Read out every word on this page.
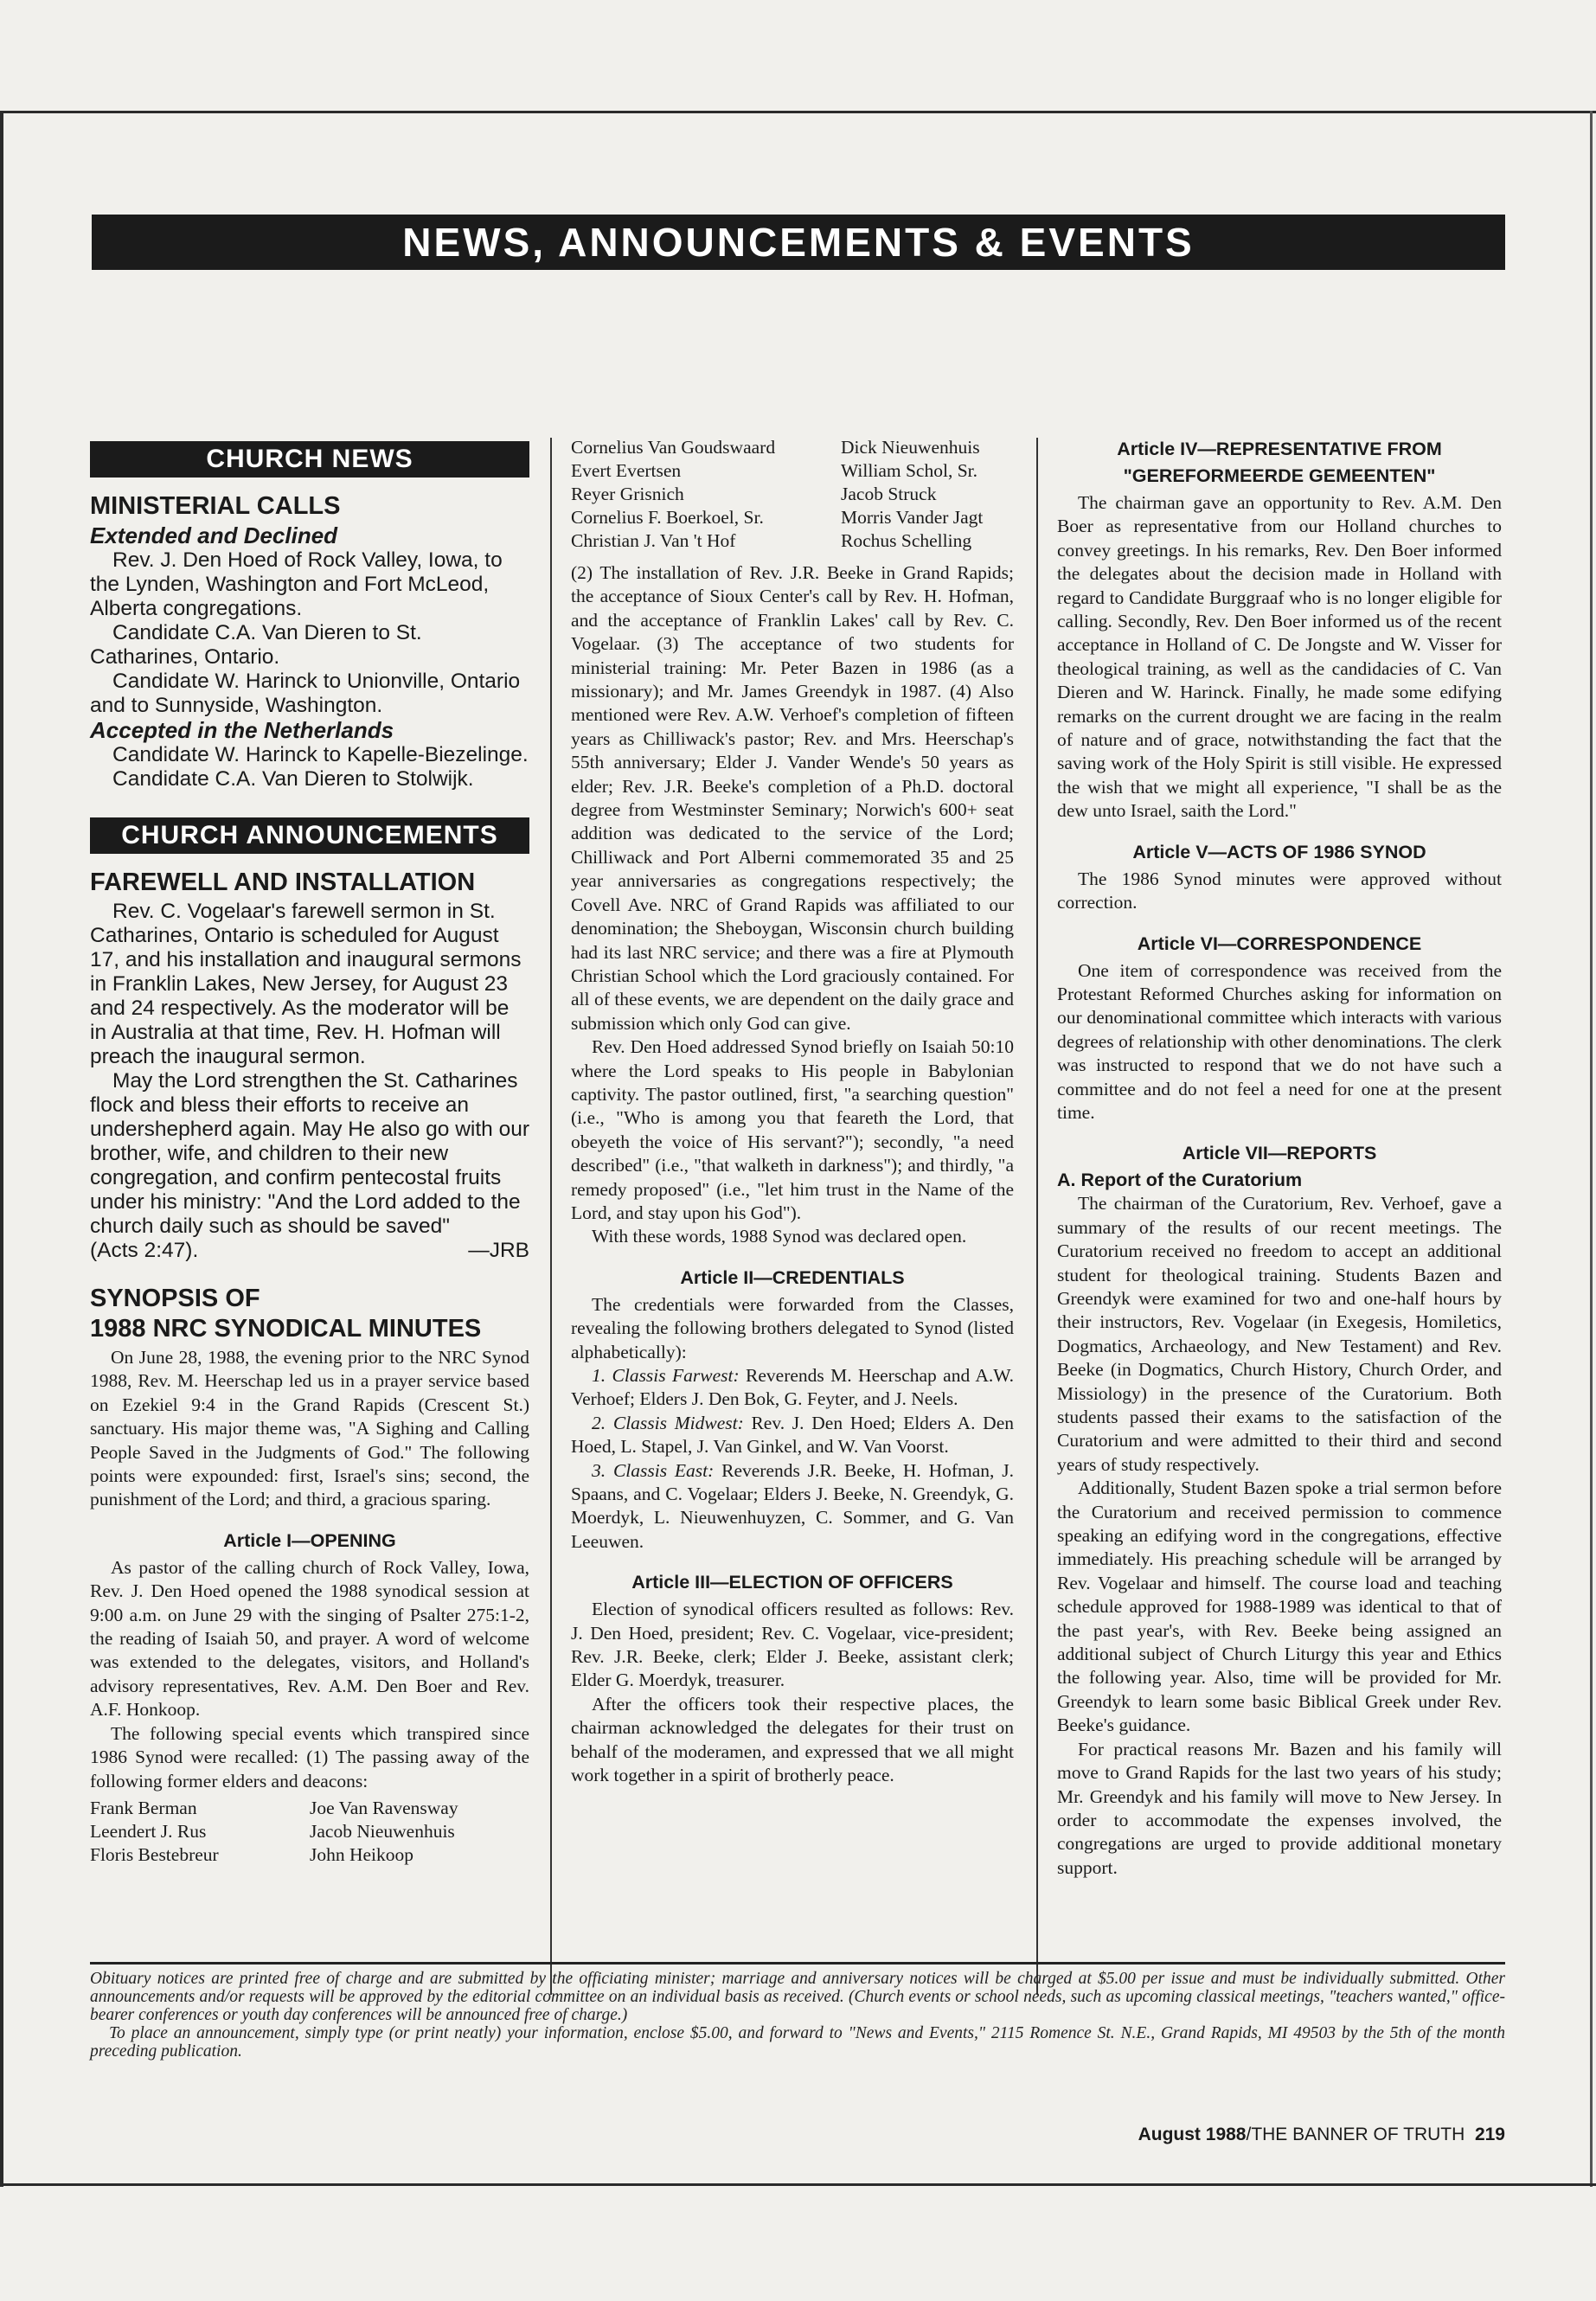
NEWS, ANNOUNCEMENTS & EVENTS
CHURCH NEWS
MINISTERIAL CALLS
Extended and Declined

Rev. J. Den Hoed of Rock Valley, Iowa, to the Lynden, Washington and Fort McLeod, Alberta congregations.

Candidate C.A. Van Dieren to St. Catharines, Ontario.

Candidate W. Harinck to Unionville, Ontario and to Sunnyside, Washington.

Accepted in the Netherlands

Candidate W. Harinck to Kapelle-Biezelinge.

Candidate C.A. Van Dieren to Stolwijk.

CHURCH ANNOUNCEMENTS
FAREWELL AND INSTALLATION

Rev. C. Vogelaar's farewell sermon in St. Catharines, Ontario is scheduled for August 17, and his installation and inaugural sermons in Franklin Lakes, New Jersey, for August 23 and 24 respectively. As the moderator will be in Australia at that time, Rev. H. Hofman will preach the inaugural sermon.

May the Lord strengthen the St. Catharines flock and bless their efforts to receive an undershepherd again. May He also go with our brother, wife, and children to their new congregation, and confirm pentecostal fruits under his ministry: "And the Lord added to the church daily such as should be saved"

(Acts 2:47).	—JRB
SYNOPSIS OF
1988 NRC SYNODICAL MINUTES

On June 28, 1988, the evening prior to the NRC Synod 1988, Rev. M. Heerschap led us in a prayer service based on Ezekiel 9:4 in the Grand Rapids (Crescent St.) sanctuary. His major theme was, "A Sighing and Calling People Saved in the Judgments of God." The following points were expounded: first, Israel's sins; second, the punishment of the Lord; and third, a gracious sparing.

Article I—OPENING

As pastor of the calling church of Rock Valley, Iowa, Rev. J. Den Hoed opened the 1988 synodical session at 9:00 a.m. on June 29 with the singing of Psalter 275:1-2, the reading of Isaiah 50, and prayer. A word of welcome was extended to the delegates, visitors, and Holland's advisory representatives, Rev. A.M. Den Boer and Rev. A.F. Honkoop.

The following special events which transpired since 1986 Synod were recalled: (1) The passing away of the following former elders and deacons:

Frank Berman	Joe Van Ravensway
Leendert J. Rus	Jacob Nieuwenhuis
Floris Bestebreur	John Heikoop
Cornelius Van Goudswaard	Dick Nieuwenhuis
Evert Evertsen	William Schol, Sr.
Reyer Grisnich	Jacob Struck
Cornelius F. Boerkoel, Sr.	Morris Vander Jagt
Christian J. Van 't Hof	Rochus Schelling

(2) The installation of Rev. J.R. Beeke in Grand Rapids; the acceptance of Sioux Center's call by Rev. H. Hofman, and the acceptance of Franklin Lakes' call by Rev. C. Vogelaar. (3) The acceptance of two students for ministerial training: Mr. Peter Bazen in 1986 (as a missionary); and Mr. James Greendyk in 1987. (4) Also mentioned were Rev. A.W. Verhoef's completion of fifteen years as Chilliwack's pastor; Rev. and Mrs. Heerschap's 55th anniversary; Elder J. Vander Wende's 50 years as elder; Rev. J.R. Beeke's completion of a Ph.D. doctoral degree from Westminster Seminary; Norwich's 600+ seat addition was dedicated to the service of the Lord; Chilliwack and Port Alberni commemorated 35 and 25 year anniversaries as congregations respectively; the Covell Ave. NRC of Grand Rapids was affiliated to our denomination; the Sheboygan, Wisconsin church building had its last NRC service; and there was a fire at Plymouth Christian School which the Lord graciously contained. For all of these events, we are dependent on the daily grace and submission which only God can give.

Rev. Den Hoed addressed Synod briefly on Isaiah 50:10 where the Lord speaks to His people in Babylonian captivity. The pastor outlined, first, "a searching question" (i.e., "Who is among you that feareth the Lord, that obeyeth the voice of His servant?"); secondly, "a need described" (i.e., "that walketh in darkness"); and thirdly, "a remedy proposed" (i.e., "let him trust in the Name of the Lord, and stay upon his God").

With these words, 1988 Synod was declared open.

Article II—CREDENTIALS

The credentials were forwarded from the Classes, revealing the following brothers delegated to Synod (listed alphabetically):

1. Classis Farwest: Reverends M. Heerschap and A.W. Verhoef; Elders J. Den Bok, G. Feyter, and J. Neels.

2. Classis Midwest: Rev. J. Den Hoed; Elders A. Den Hoed, L. Stapel, J. Van Ginkel, and W. Van Voorst.

3. Classis East: Reverends J.R. Beeke, H. Hofman, J. Spaans, and C. Vogelaar; Elders J. Beeke, N. Greendyk, G. Moerdyk, L. Nieuwenhuyzen, C. Sommer, and G. Van Leeuwen.

Article III—ELECTION OF OFFICERS

Election of synodical officers resulted as follows: Rev. J. Den Hoed, president; Rev. C. Vogelaar, vice-president; Rev. J.R. Beeke, clerk; Elder J. Beeke, assistant clerk; Elder G. Moerdyk, treasurer.

After the officers took their respective places, the chairman acknowledged the delegates for their trust on behalf of the moderamen, and expressed that we all might work together in a spirit of brotherly peace.

Article IV—REPRESENTATIVE FROM
"GEREFORMEERDE GEMEENTEN"

The chairman gave an opportunity to Rev. A.M. Den Boer as representative from our Holland churches to convey greetings. In his remarks, Rev. Den Boer informed the delegates about the decision made in Holland with regard to Candidate Burggraaf who is no longer eligible for calling. Secondly, Rev. Den Boer informed us of the recent acceptance in Holland of C. De Jongste and W. Visser for theological training, as well as the candidacies of C. Van Dieren and W. Harinck. Finally, he made some edifying remarks on the current drought we are facing in the realm of nature and of grace, notwithstanding the fact that the saving work of the Holy Spirit is still visible. He expressed the wish that we might all experience, "I shall be as the dew unto Israel, saith the Lord."

Article V—ACTS OF 1986 SYNOD

The 1986 Synod minutes were approved without correction.

Article VI—CORRESPONDENCE

One item of correspondence was received from the Protestant Reformed Churches asking for information on our denominational committee which interacts with various degrees of relationship with other denominations. The clerk was instructed to respond that we do not have such a committee and do not feel a need for one at the present time.

Article VII—REPORTS
A. Report of the Curatorium

The chairman of the Curatorium, Rev. Verhoef, gave a summary of the results of our recent meetings. The Curatorium received no freedom to accept an additional student for theological training. Students Bazen and Greendyk were examined for two and one-half hours by their instructors, Rev. Vogelaar (in Exegesis, Homiletics, Dogmatics, Archaeology, and New Testament) and Rev. Beeke (in Dogmatics, Church History, Church Order, and Missiology) in the presence of the Curatorium. Both students passed their exams to the satisfaction of the Curatorium and were admitted to their third and second years of study respectively.

Additionally, Student Bazen spoke a trial sermon before the Curatorium and received permission to commence speaking an edifying word in the congregations, effective immediately. His preaching schedule will be arranged by Rev. Vogelaar and himself. The course load and teaching schedule approved for 1988-1989 was identical to that of the past year's, with Rev. Beeke being assigned an additional subject of Church Liturgy this year and Ethics the following year. Also, time will be provided for Mr. Greendyk to learn some basic Biblical Greek under Rev. Beeke's guidance.

For practical reasons Mr. Bazen and his family will move to Grand Rapids for the last two years of his study; Mr. Greendyk and his family will move to New Jersey. In order to accommodate the expenses involved, the congregations are urged to provide additional monetary support.

Obituary notices are printed free of charge and are submitted by the officiating minister; marriage and anniversary notices will be charged at $5.00 per issue and must be individually submitted. Other announcements and/or requests will be approved by the editorial committee on an individual basis as received. (Church events or school needs, such as upcoming classical meetings, "teachers wanted," office-bearer conferences or youth day conferences will be announced free of charge.)

To place an announcement, simply type (or print neatly) your information, enclose $5.00, and forward to "News and Events," 2115 Romence St. N.E., Grand Rapids, MI 49503 by the 5th of the month preceding publication.

August 1988/THE BANNER OF TRUTH 219
